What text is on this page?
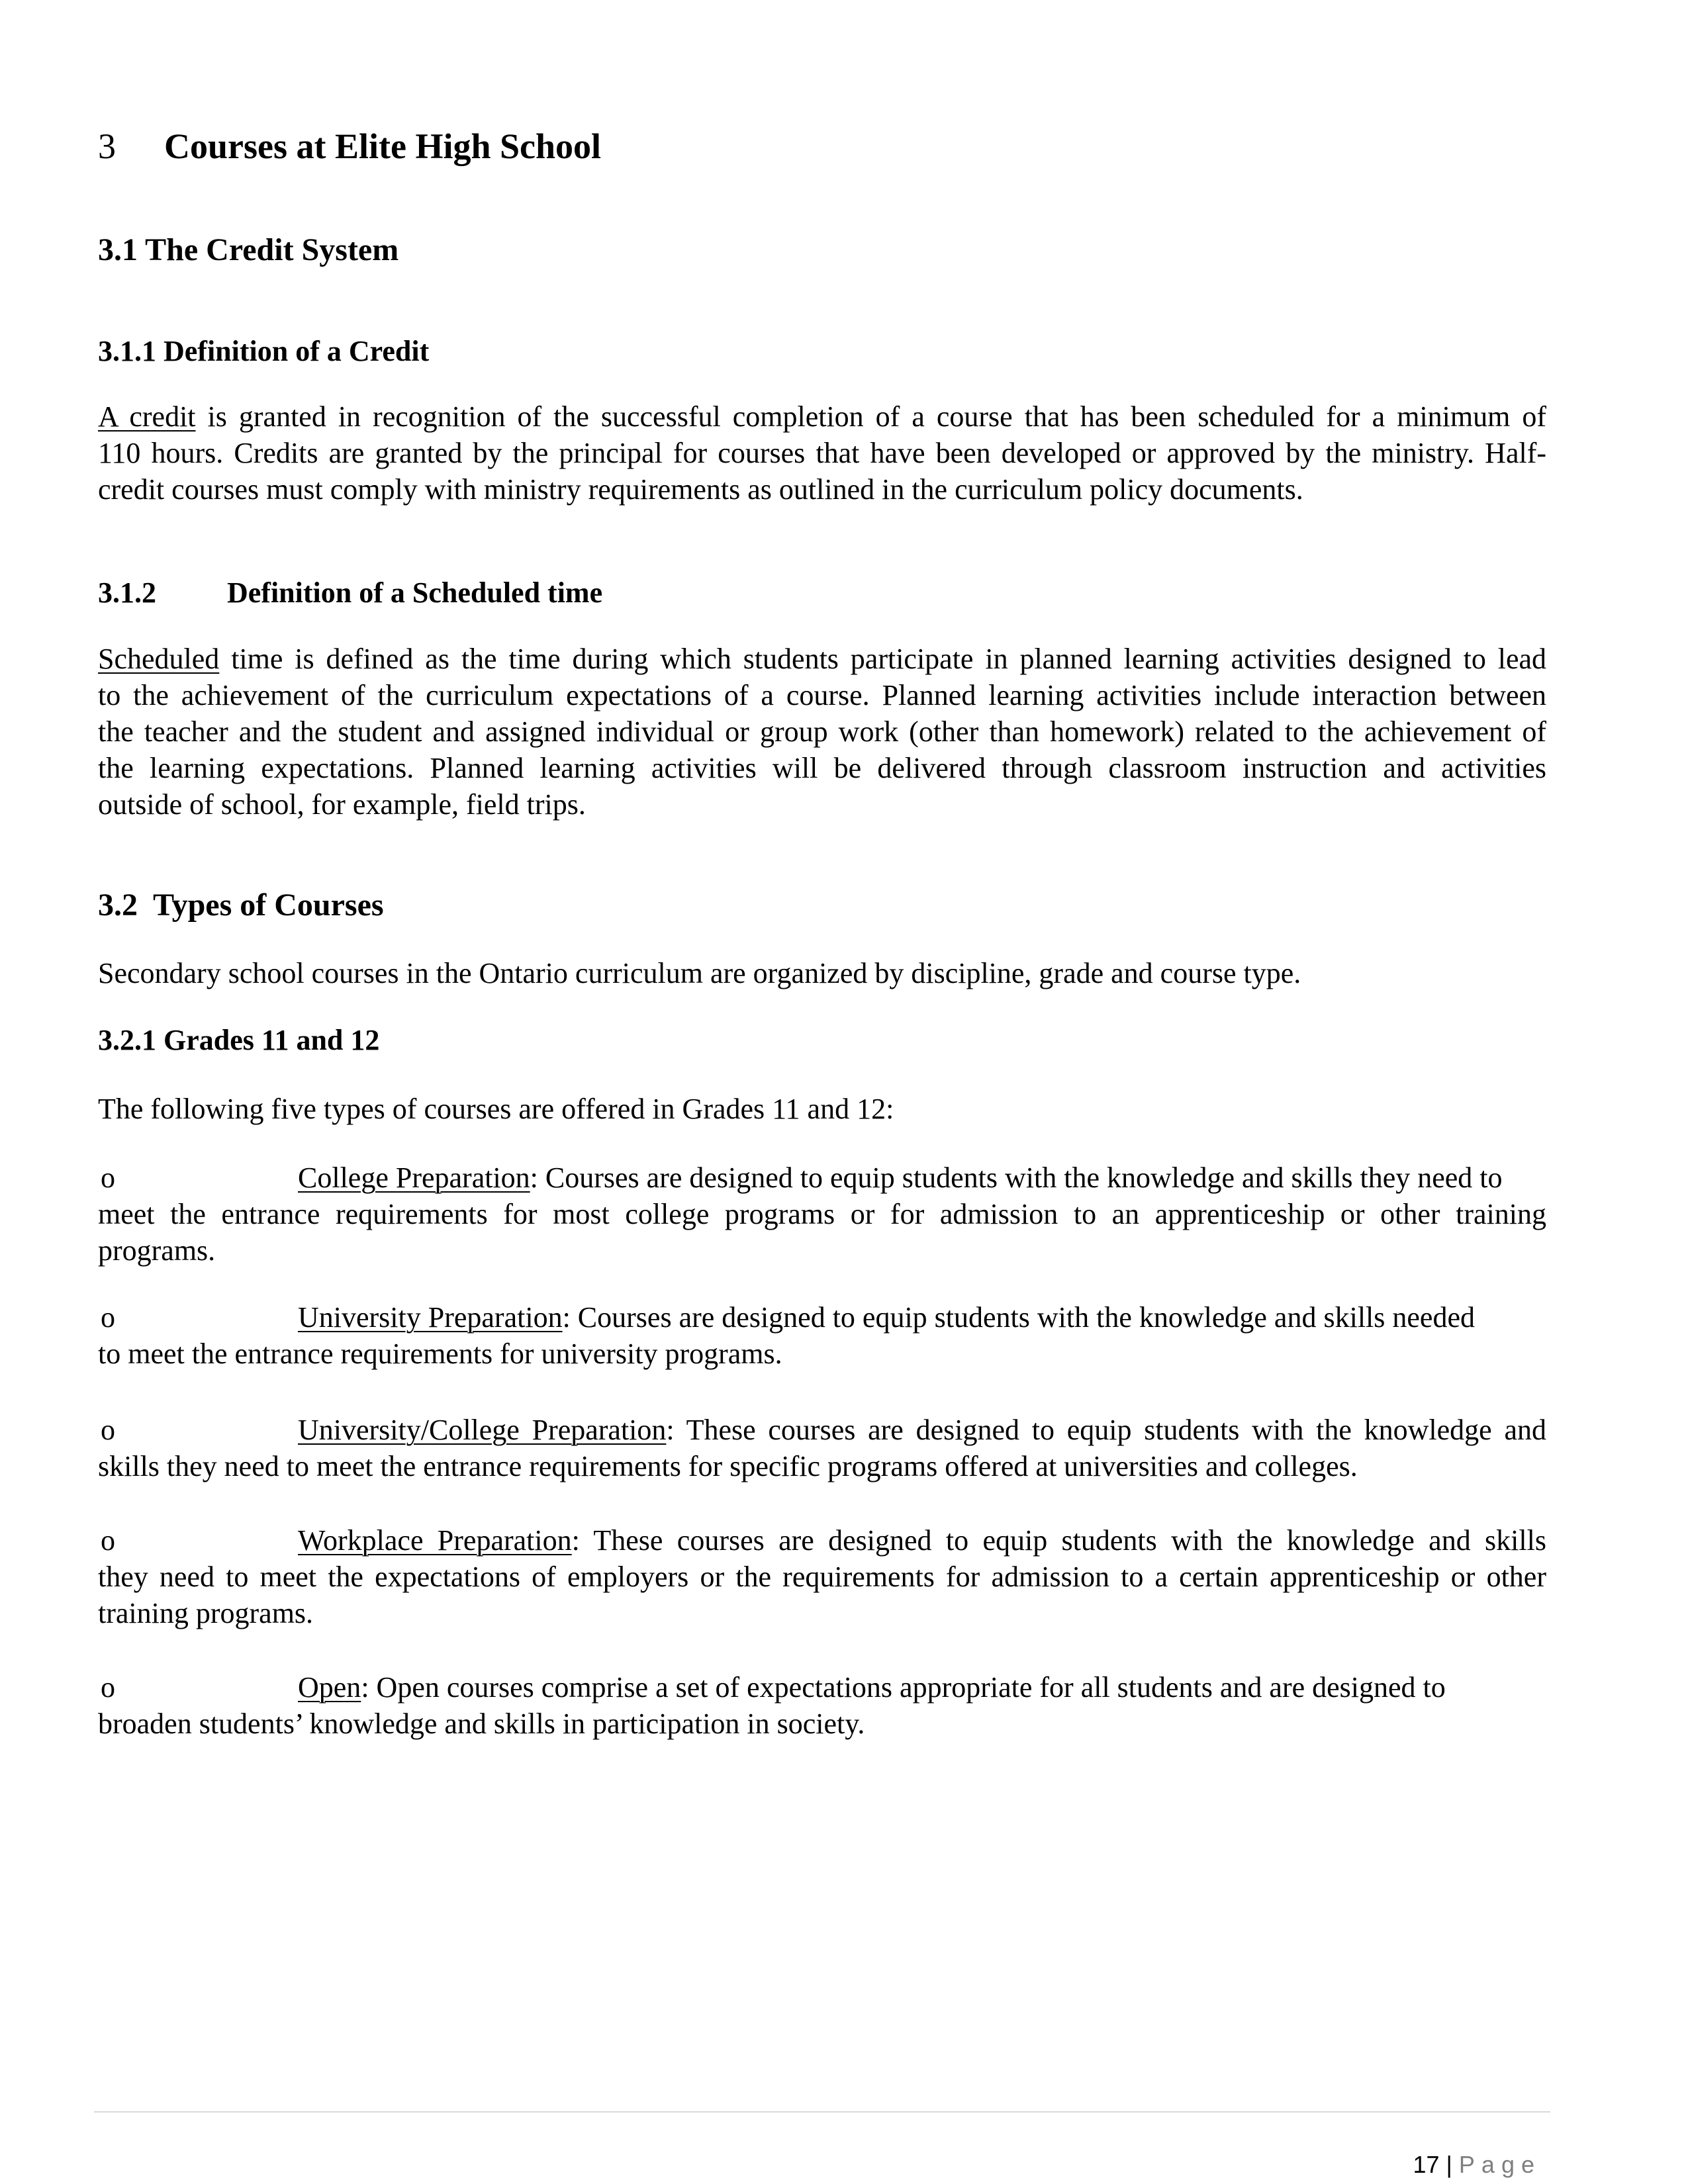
3 Courses at Elite High School
3.1 The Credit System
3.1.1 Definition of a Credit
A credit is granted in recognition of the successful completion of a course that has been scheduled for a minimum of
110 hours. Credits are granted by the principal for courses that have been developed or approved by the ministry. Half-
credit courses must comply with ministry requirements as outlined in the curriculum policy documents.
3.1.2 Definition of a Scheduled time
Scheduled time is defined as the time during which students participate in planned learning activities designed to lead
to the achievement of the curriculum expectations of a course. Planned learning activities include interaction between
the teacher and the student and assigned individual or group work (other than homework) related to the achievement of
the learning expectations. Planned learning activities will be delivered through classroom instruction and activities
outside of school, for example, field trips.
3.2  Types of Courses
Secondary school courses in the Ontario curriculum are organized by discipline, grade and course type.
3.2.1 Grades 11 and 12
The following five types of courses are offered in Grades 11 and 12:
o	College Preparation: Courses are designed to equip students with the knowledge and skills they need to
meet the entrance requirements for most college programs or for admission to an apprenticeship or other training
programs.
o	University Preparation: Courses are designed to equip students with the knowledge and skills needed
to meet the entrance requirements for university programs.
o	University/College Preparation: These courses are designed to equip students with the knowledge and
skills they need to meet the entrance requirements for specific programs offered at universities and colleges.
o	Workplace Preparation: These courses are designed to equip students with the knowledge and skills
they need to meet the expectations of employers or the requirements for admission to a certain apprenticeship or other
training programs.
o	Open: Open courses comprise a set of expectations appropriate for all students and are designed to
broaden students’ knowledge and skills in participation in society.
17 | Page
